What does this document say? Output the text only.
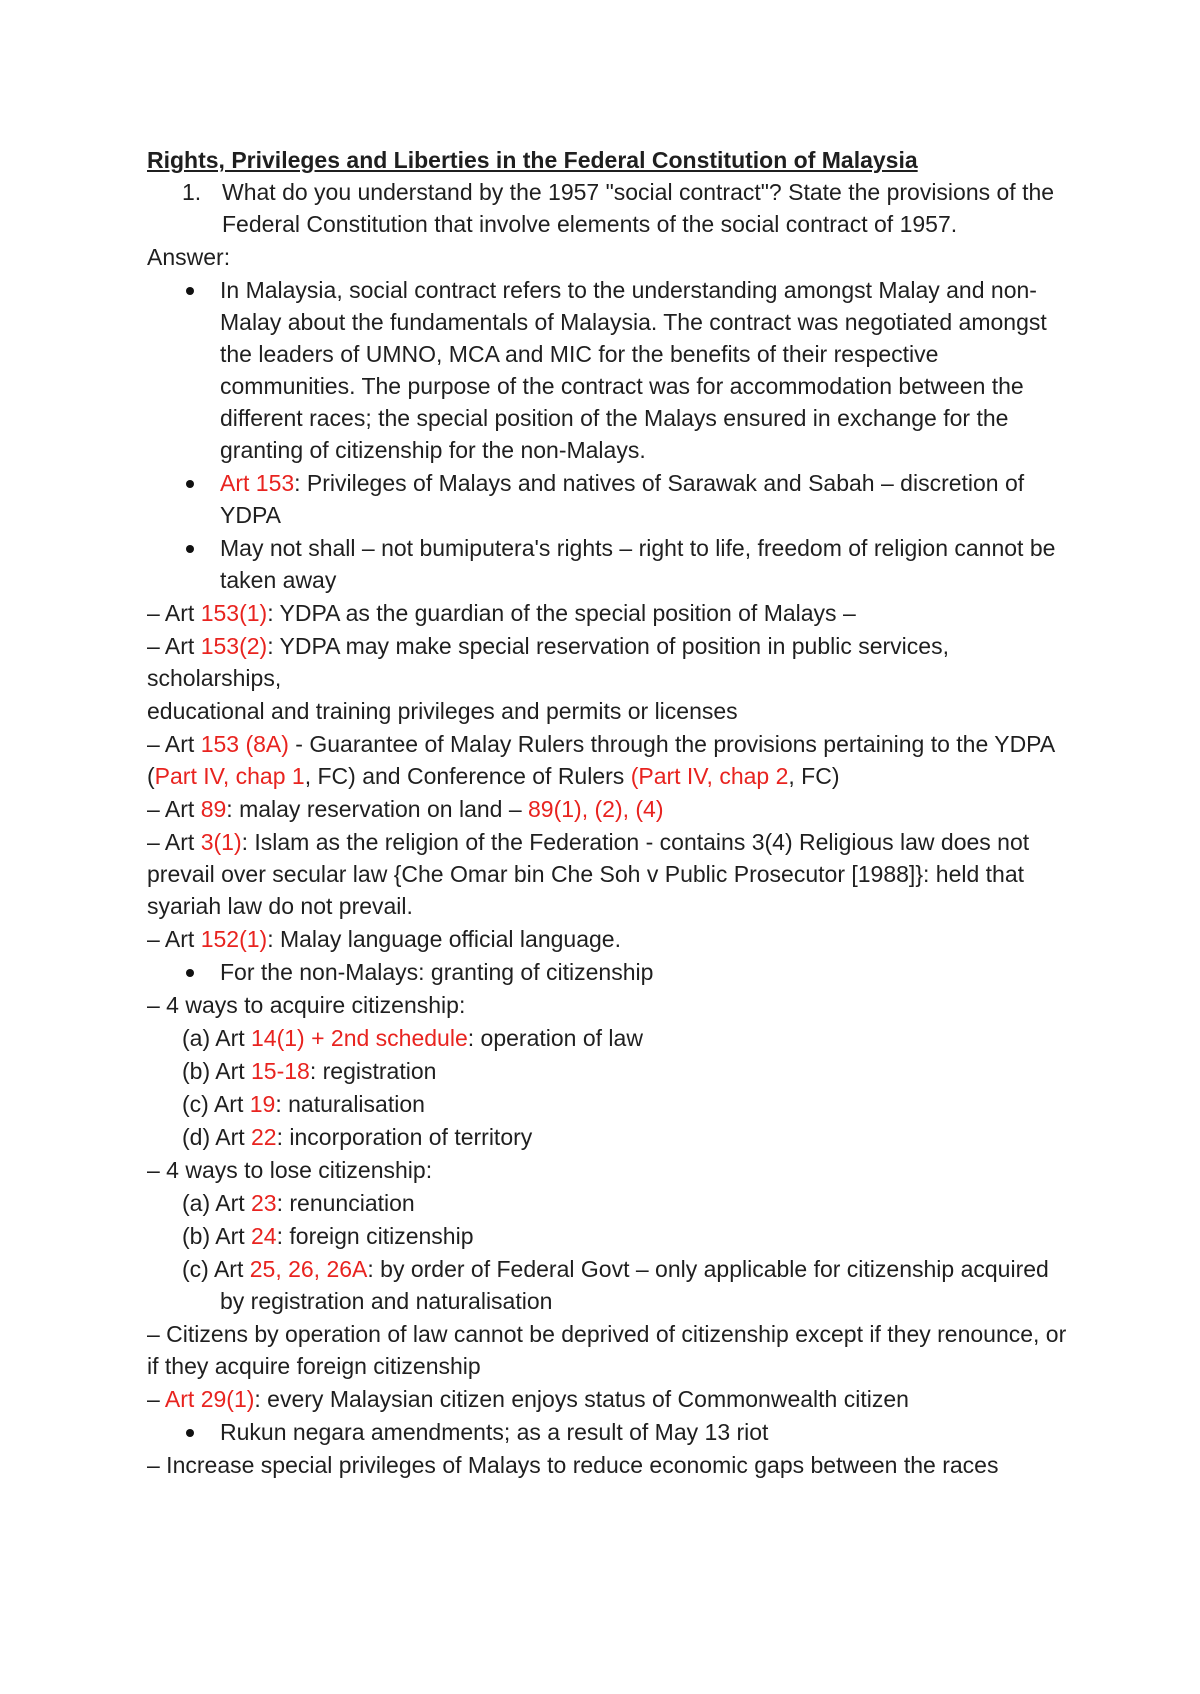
Rights, Privileges and Liberties in the Federal Constitution of Malaysia
1. What do you understand by the 1957 "social contract"? State the provisions of the Federal Constitution that involve elements of the social contract of 1957.
Answer:
In Malaysia, social contract refers to the understanding amongst Malay and non-Malay about the fundamentals of Malaysia. The contract was negotiated amongst the leaders of UMNO, MCA and MIC for the benefits of their respective communities. The purpose of the contract was for accommodation between the different races; the special position of the Malays ensured in exchange for the granting of citizenship for the non-Malays.
Art 153: Privileges of Malays and natives of Sarawak and Sabah – discretion of YDPA
May not shall – not bumiputera's rights – right to life, freedom of religion cannot be taken away
– Art 153(1): YDPA as the guardian of the special position of Malays –
– Art 153(2): YDPA may make special reservation of position in public services, scholarships,
educational and training privileges and permits or licenses
– Art 153 (8A) - Guarantee of Malay Rulers through the provisions pertaining to the YDPA (Part IV, chap 1, FC) and Conference of Rulers (Part IV, chap 2, FC)
– Art 89: malay reservation on land – 89(1), (2), (4)
– Art 3(1): Islam as the religion of the Federation - contains 3(4) Religious law does not prevail over secular law {Che Omar bin Che Soh v Public Prosecutor [1988]}: held that syariah law do not prevail.
– Art 152(1): Malay language official language.
For the non-Malays: granting of citizenship
– 4 ways to acquire citizenship:
(a) Art 14(1) + 2nd schedule: operation of law
(b) Art 15-18: registration
(c) Art 19: naturalisation
(d) Art 22: incorporation of territory
– 4 ways to lose citizenship:
(a) Art 23: renunciation
(b) Art 24: foreign citizenship
(c) Art 25, 26, 26A: by order of Federal Govt – only applicable for citizenship acquired by registration and naturalisation
– Citizens by operation of law cannot be deprived of citizenship except if they renounce, or if they acquire foreign citizenship
– Art 29(1): every Malaysian citizen enjoys status of Commonwealth citizen
Rukun negara amendments; as a result of May 13 riot
– Increase special privileges of Malays to reduce economic gaps between the races
